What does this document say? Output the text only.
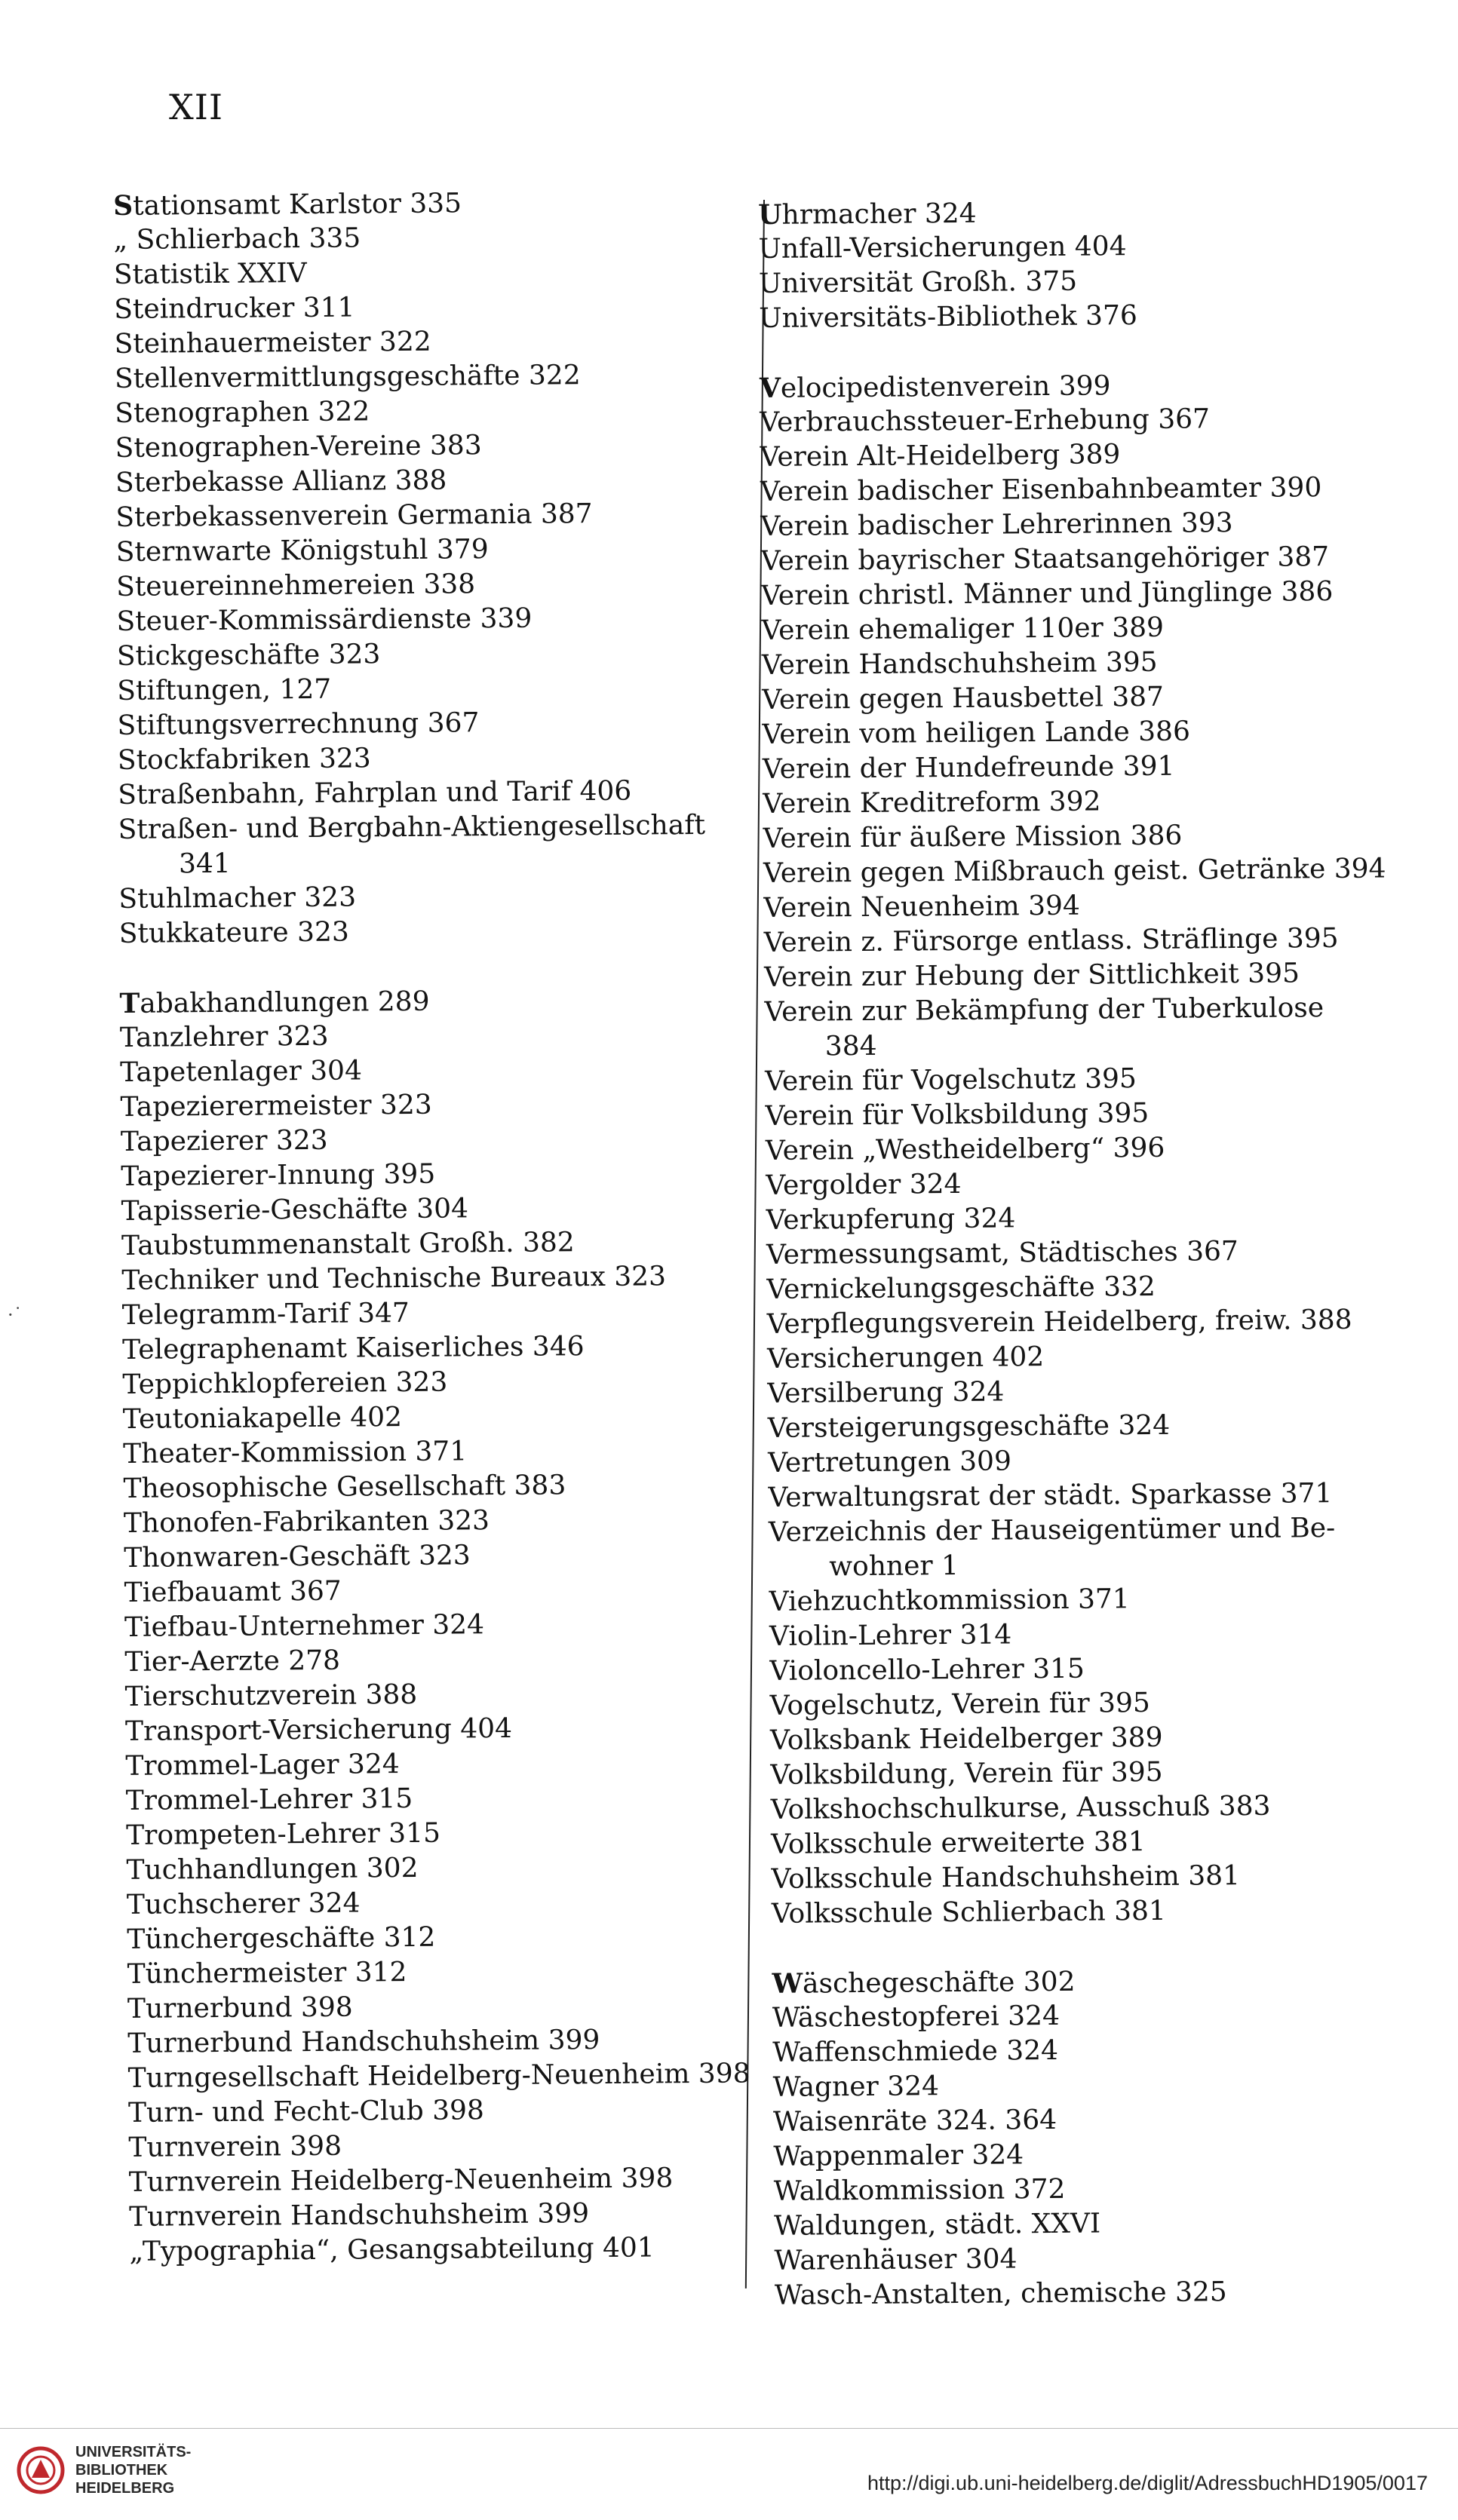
XII
·˙
Stationsamt Karlstor 335
„ Schlierbach 335
Statistik XXIV
Steindrucker 311
Steinhauermeister 322
Stellenvermittlungsgeschäfte 322
Stenographen 322
Stenographen-Vereine 383
Sterbekasse Allianz 388
Sterbekassenverein Germania 387
Sternwarte Königstuhl 379
Steuereinnehmereien 338
Steuer-Kommissärdienste 339
Stickgeschäfte 323
Stiftungen, 127
Stiftungsverrechnung 367
Stockfabriken 323
Straßenbahn, Fahrplan und Tarif 406
Straßen- und Bergbahn-Aktiengesellschaft
341
Stuhlmacher 323
Stukkateure 323
Tabakhandlungen 289
Tanzlehrer 323
Tapetenlager 304
Tapezierermeister 323
Tapezierer 323
Tapezierer-Innung 395
Tapisserie-Geschäfte 304
Taubstummenanstalt Großh. 382
Techniker und Technische Bureaux 323
Telegramm-Tarif 347
Telegraphenamt Kaiserliches 346
Teppichklopfereien 323
Teutoniakapelle 402
Theater-Kommission 371
Theosophische Gesellschaft 383
Thonofen-Fabrikanten 323
Thonwaren-Geschäft 323
Tiefbauamt 367
Tiefbau-Unternehmer 324
Tier-Aerzte 278
Tierschutzverein 388
Transport-Versicherung 404
Trommel-Lager 324
Trommel-Lehrer 315
Trompeten-Lehrer 315
Tuchhandlungen 302
Tuchscherer 324
Tünchergeschäfte 312
Tünchermeister 312
Turnerbund 398
Turnerbund Handschuhsheim 399
Turngesellschaft Heidelberg-Neuenheim 398
Turn- und Fecht-Club 398
Turnverein 398
Turnverein Heidelberg-Neuenheim 398
Turnverein Handschuhsheim 399
„Typographia“, Gesangsabteilung 401
Uhrmacher 324
Unfall-Versicherungen 404
Universität Großh. 375
Universitäts-Bibliothek 376
Velocipedistenverein 399
Verbrauchssteuer-Erhebung 367
Verein Alt-Heidelberg 389
Verein badischer Eisenbahnbeamter 390
Verein badischer Lehrerinnen 393
Verein bayrischer Staatsangehöriger 387
Verein christl. Männer und Jünglinge 386
Verein ehemaliger 110er 389
Verein Handschuhsheim 395
Verein gegen Hausbettel 387
Verein vom heiligen Lande 386
Verein der Hundefreunde 391
Verein Kreditreform 392
Verein für äußere Mission 386
Verein gegen Mißbrauch geist. Getränke 394
Verein Neuenheim 394
Verein z. Fürsorge entlass. Sträflinge 395
Verein zur Hebung der Sittlichkeit 395
Verein zur Bekämpfung der Tuberkulose
384
Verein für Vogelschutz 395
Verein für Volksbildung 395
Verein „Westheidelberg“ 396
Vergolder 324
Verkupferung 324
Vermessungsamt, Städtisches 367
Vernickelungsgeschäfte 332
Verpflegungsverein Heidelberg, freiw. 388
Versicherungen 402
Versilberung 324
Versteigerungsgeschäfte 324
Vertretungen 309
Verwaltungsrat der städt. Sparkasse 371
Verzeichnis der Hauseigentümer und Be-
wohner 1
Viehzuchtkommission 371
Violin-Lehrer 314
Violoncello-Lehrer 315
Vogelschutz, Verein für 395
Volksbank Heidelberger 389
Volksbildung, Verein für 395
Volkshochschulkurse, Ausschuß 383
Volksschule erweiterte 381
Volksschule Handschuhsheim 381
Volksschule Schlierbach 381
Wäschegeschäfte 302
Wäschestopferei 324
Waffenschmiede 324
Wagner 324
Waisenräte 324. 364
Wappenmaler 324
Waldkommission 372
Waldungen, städt. XXVI
Warenhäuser 304
Wasch-Anstalten, chemische 325
UNIVERSITÄTS-
BIBLIOTHEK
HEIDELBERG	http://digi.ub.uni-heidelberg.de/diglit/AdressbuchHD1905/0017
